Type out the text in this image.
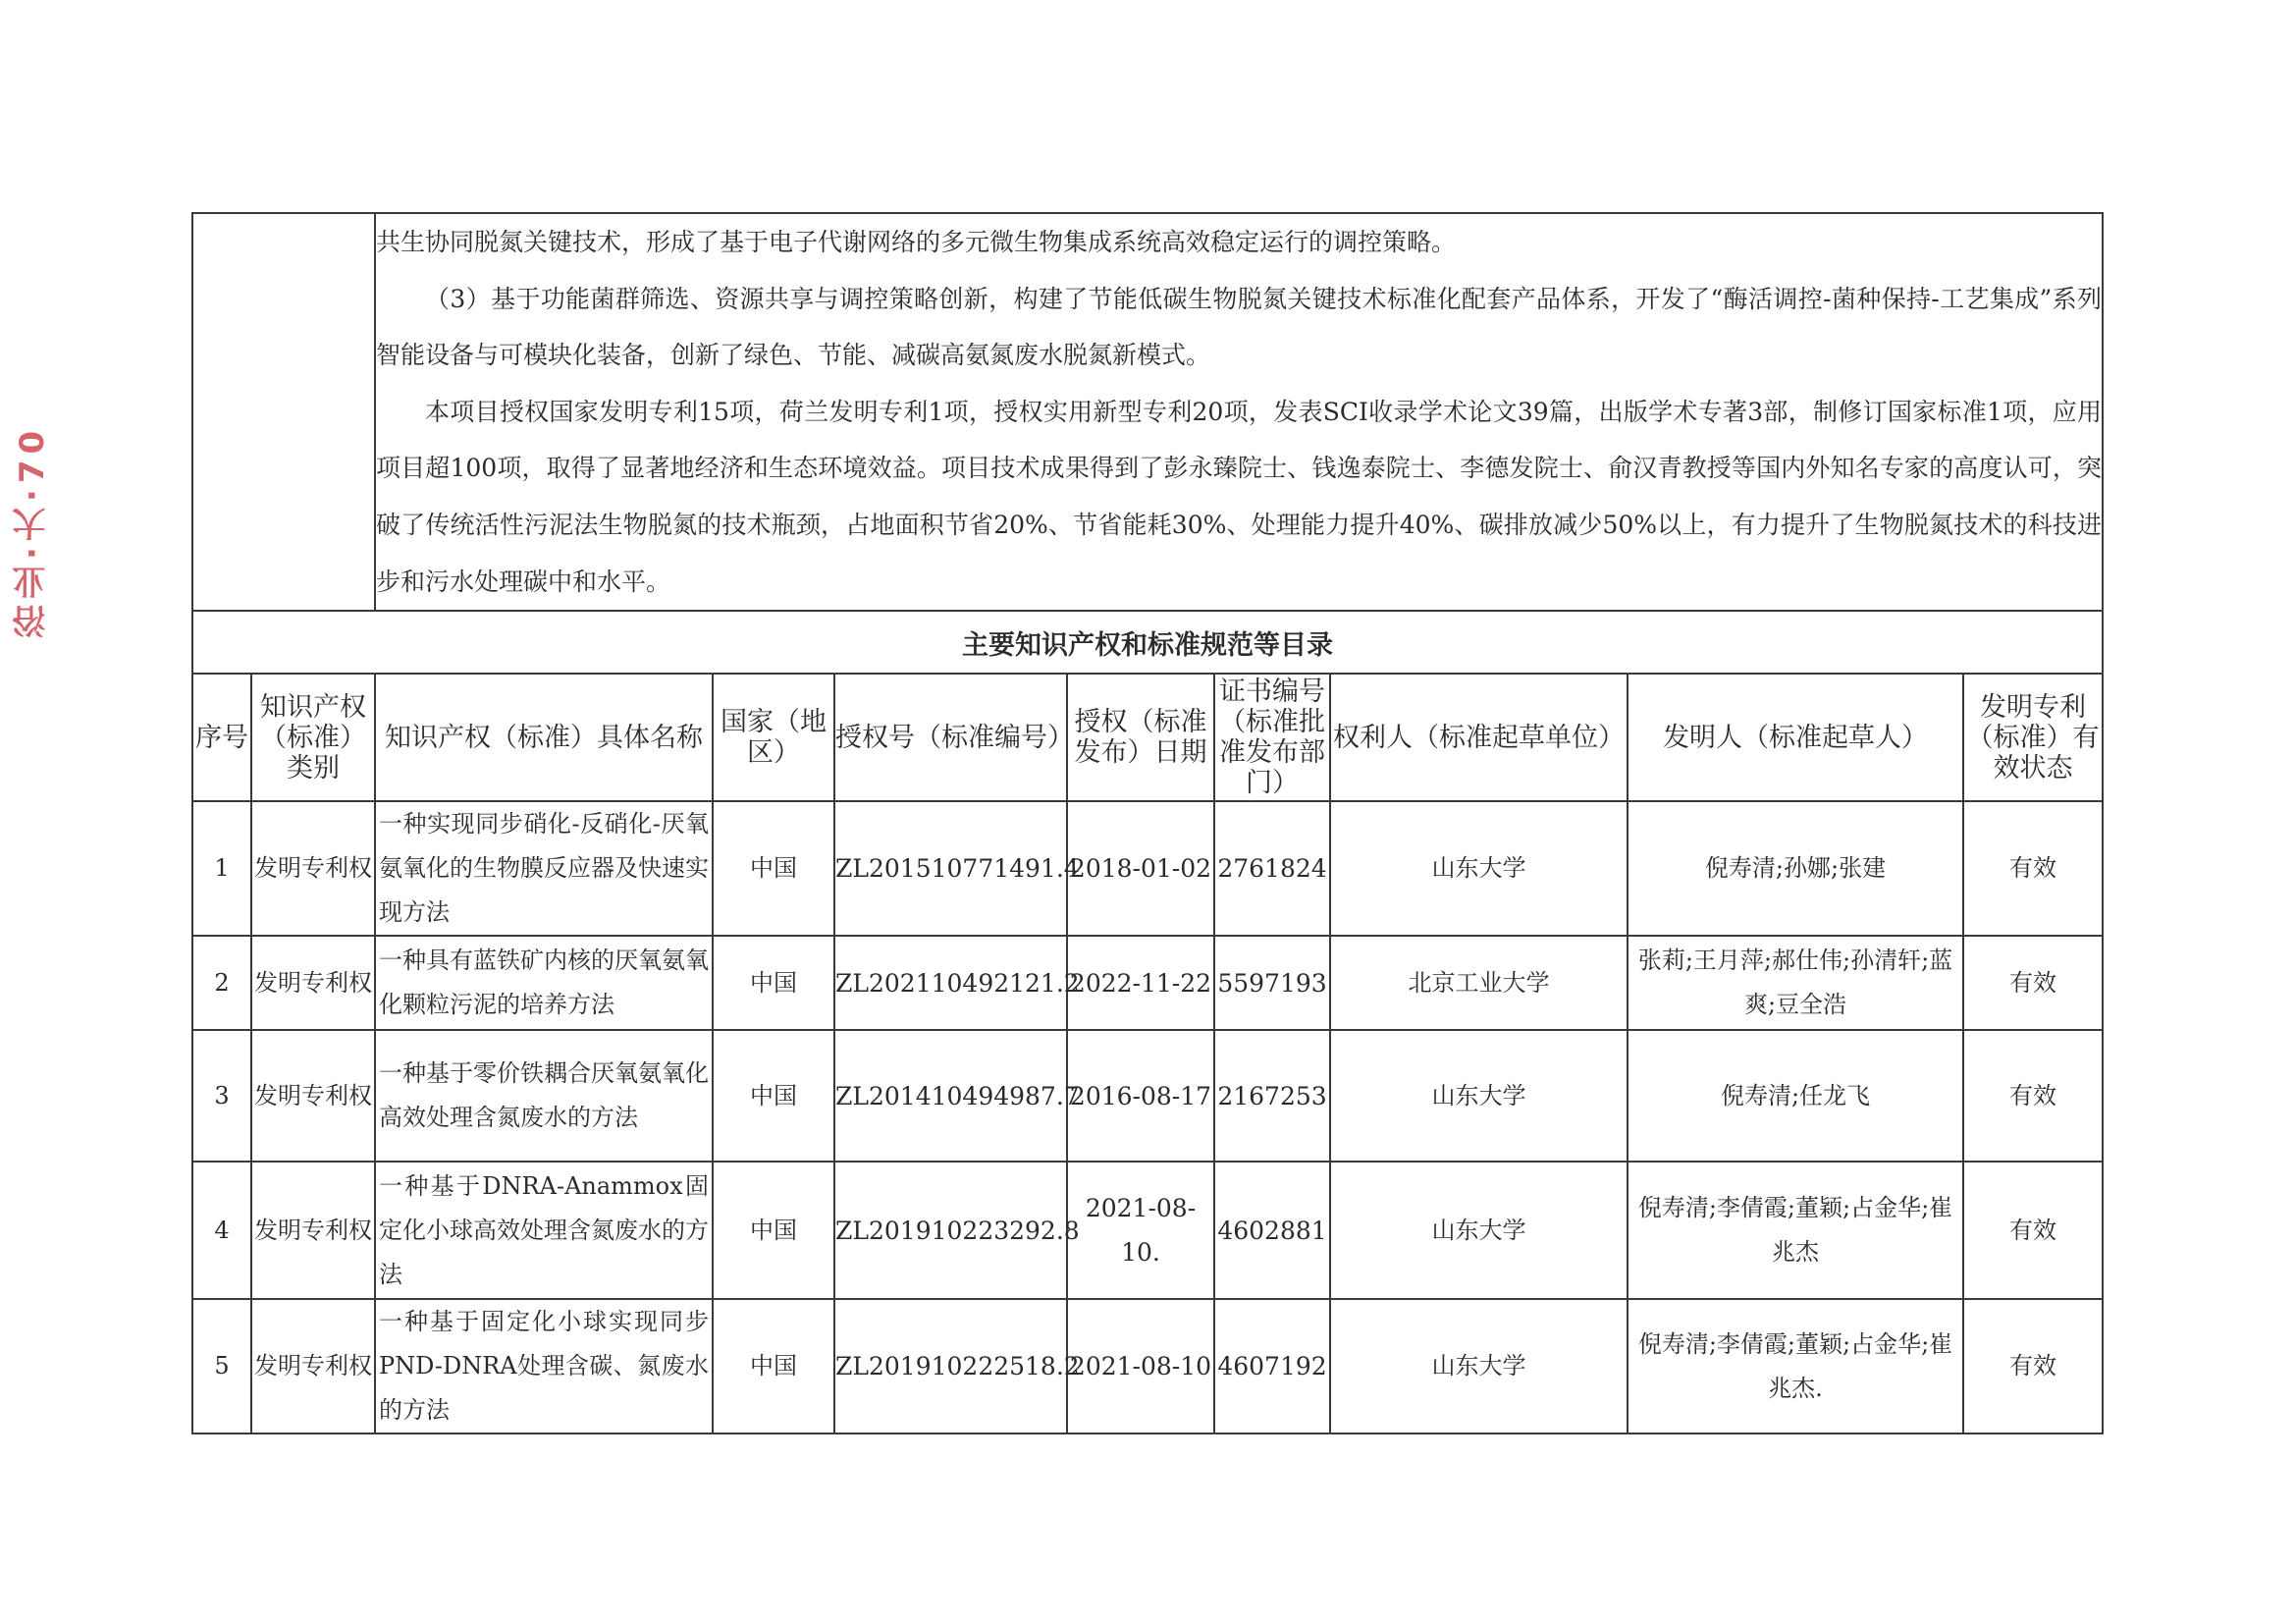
浴业·大·70

		共生协同脱氮关键技术，形成了基于电子代谢网络的多元微生物集成系统高效稳定运行的调控策略。

（3）基于功能菌群筛选、资源共享与调控策略创新，构建了节能低碳生物脱氮关键技术标准化配套产品体系，开发了“酶活调控-菌种保持-工艺集成”系列智能设备与可模块化装备，创新了绿色、节能、减碳高氨氮废水脱氮新模式。

本项目授权国家发明专利15项，荷兰发明专利1项，授权实用新型专利20项，发表SCI收录学术论文39篇，出版学术专著3部，制修订国家标准1项，应用项目超100项，取得了显著地经济和生态环境效益。项目技术成果得到了彭永臻院士、钱逸泰院士、李德发院士、俞汉青教授等国内外知名专家的高度认可，突破了传统活性污泥法生物脱氮的技术瓶颈，占地面积节省20%、节省能耗30%、处理能力提升40%、碳排放减少50%以上，有力提升了生物脱氮技术的科技进步和污水处理碳中和水平。							

主要知识产权和标准规范等目录									
序号	知识产权（标准）类别	知识产权（标准）具体名称	国家（地区）	授权号（标准编号）	授权（标准发布）日期	证书编号（标准批准发布部门）	权利人（标准起草单位）	发明人（标准起草人）	发明专利（标准）有效状态
1	发明专利权	一种实现同步硝化-反硝化-厌氧氨氧化的生物膜反应器及快速实现方法	中国	ZL201510771491.4	2018-01-02	2761824	山东大学	倪寿清;孙娜;张建	有效
2	发明专利权	一种具有蓝铁矿内核的厌氧氨氧化颗粒污泥的培养方法	中国	ZL202110492121.2	2022-11-22	5597193	北京工业大学	张莉;王月萍;郝仕伟;孙清轩;蓝爽;豆全浩	有效
3	发明专利权	一种基于零价铁耦合厌氧氨氧化高效处理含氮废水的方法	中国	ZL201410494987.7	2016-08-17	2167253	山东大学	倪寿清;任龙飞	有效
4	发明专利权	一种基于DNRA-Anammox固定化小球高效处理含氮废水的方法	中国	ZL201910223292.8	2021-08-10.	4602881	山东大学	倪寿清;李倩霞;董颖;占金华;崔兆杰	有效
5	发明专利权	一种基于固定化小球实现同步PND-DNRA处理含碳、氮废水的方法	中国	ZL201910222518.2	2021-08-10	4607192	山东大学	倪寿清;李倩霞;董颖;占金华;崔兆杰.	有效
